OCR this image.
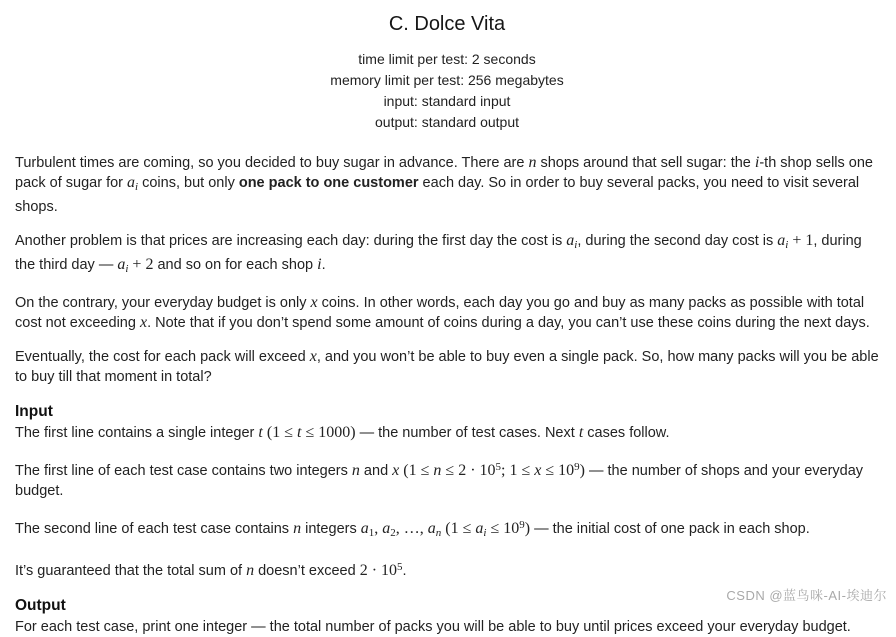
C. Dolce Vita
time limit per test: 2 seconds
memory limit per test: 256 megabytes
input: standard input
output: standard output

Turbulent times are coming, so you decided to buy sugar in advance. There are n shops around that sell sugar: the i-th shop sells one pack of sugar for $a_i$ coins, but only one pack to one customer each day. So in order to buy several packs, you need to visit several shops.

Another problem is that prices are increasing each day: during the first day the cost is $a_i$, during the second day cost is $a_i + 1$, during the third day — $a_i + 2$ and so on for each shop i.

On the contrary, your everyday budget is only x coins. In other words, each day you go and buy as many packs as possible with total cost not exceeding x. Note that if you don’t spend some amount of coins during a day, you can’t use these coins during the next days.

Eventually, the cost for each pack will exceed x, and you won’t be able to buy even a single pack. So, how many packs will you be able to buy till that moment in total?

Input

The first line contains a single integer t (1 ≤ t ≤ 1000) — the number of test cases. Next t cases follow.

The first line of each test case contains two integers n and x ($1 \le n \le 2 \cdot 10^5$; $1 \le x \le 10^9$) — the number of shops and your everyday budget.

The second line of each test case contains n integers $a_1$, $a_2$, …, $a_n$ $(1 \le a_i \le 10^9)$ — the initial cost of one pack in each shop.

It’s guaranteed that the total sum of n doesn’t exceed $2 \cdot 10^5$.

Output

For each test case, print one integer — the total number of packs you will be able to buy until prices exceed your everyday budget.

CSDN @蓝鸟咪-AI-埃迪尔
